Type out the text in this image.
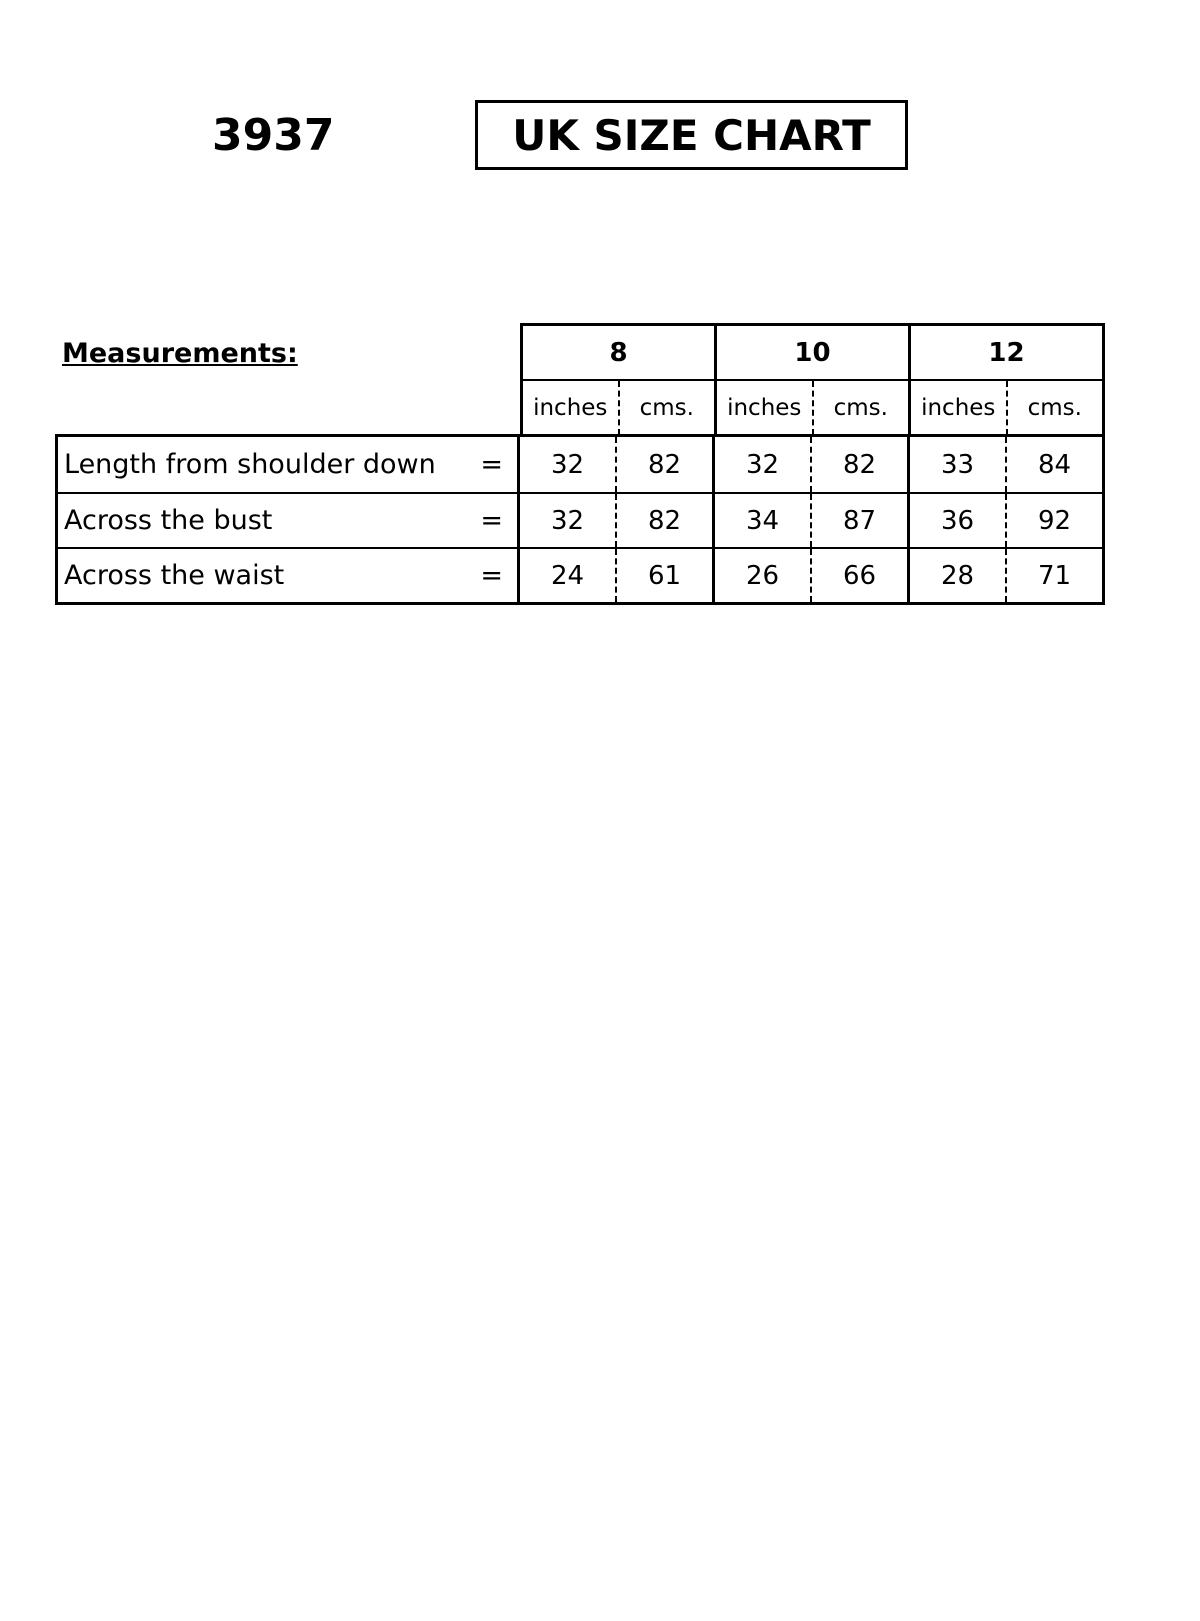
3937	UK SIZE CHART
Measurements:	8	10	12
inches	cms.	inches	cms.	inches	cms.
Length from shoulder down =	32	82	32	82	33	84
Across the bust	=	32	82	34	87	36	92
Across the waist	=	24	61	26	66	28	71
